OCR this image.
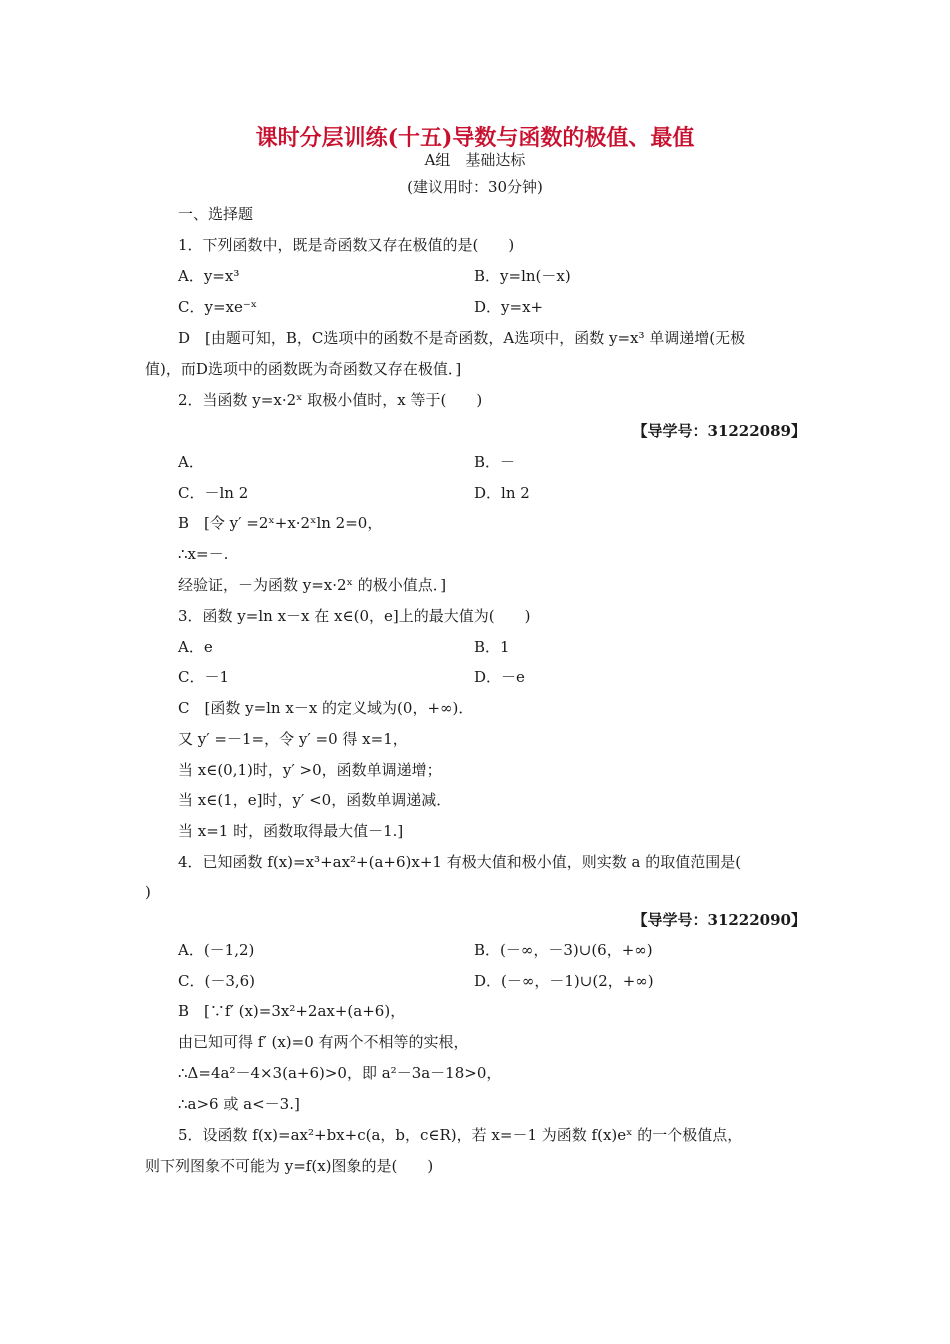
课时分层训练(十五)导数与函数的极值、最值
A组　基础达标
(建议用时：30分钟)
一、选择题
1．下列函数中，既是奇函数又存在极值的是(　　)
A．y=x³	B．y=ln(－x)
C．y=xe⁻ˣ	D．y=x+
D　[由题可知，B，C选项中的函数不是奇函数，A选项中，函数 y=x³ 单调递增(无极
值)，而D选项中的函数既为奇函数又存在极值．]
2．当函数 y=x·2ˣ 取极小值时，x 等于(　　)
【导学号：31222089】
A．	B．－
C．－ln 2	D．ln 2
B　[令 y′ =2ˣ+x·2ˣln 2=0，
∴x=－.
经验证，－为函数 y=x·2ˣ 的极小值点．]
3．函数 y=ln x－x 在 x∈(0，e]上的最大值为(　　)
A．e	B．1
C．－1	D．－e
C　[函数 y=ln x－x 的定义域为(0，+∞)．
又 y′ =－1=，令 y′ =0 得 x=1，
当 x∈(0,1)时，y′ >0，函数单调递增；
当 x∈(1，e]时，y′ <0，函数单调递减．
当 x=1 时，函数取得最大值－1.]
4．已知函数 f(x)=x³+ax²+(a+6)x+1 有极大值和极小值，则实数 a 的取值范围是(
)
【导学号：31222090】
A．(－1,2)	B．(－∞，－3)∪(6，+∞)
C．(－3,6)	D．(－∞，－1)∪(2，+∞)
B　[∵f′ (x)=3x²+2ax+(a+6)，
由已知可得 f′ (x)=0 有两个不相等的实根，
∴Δ=4a²－4×3(a+6)>0，即 a²－3a－18>0，
∴a>6 或 a<－3.]
5．设函数 f(x)=ax²+bx+c(a，b，c∈R)，若 x=－1 为函数 f(x)eˣ 的一个极值点，
则下列图象不可能为 y=f(x)图象的是(　　)
